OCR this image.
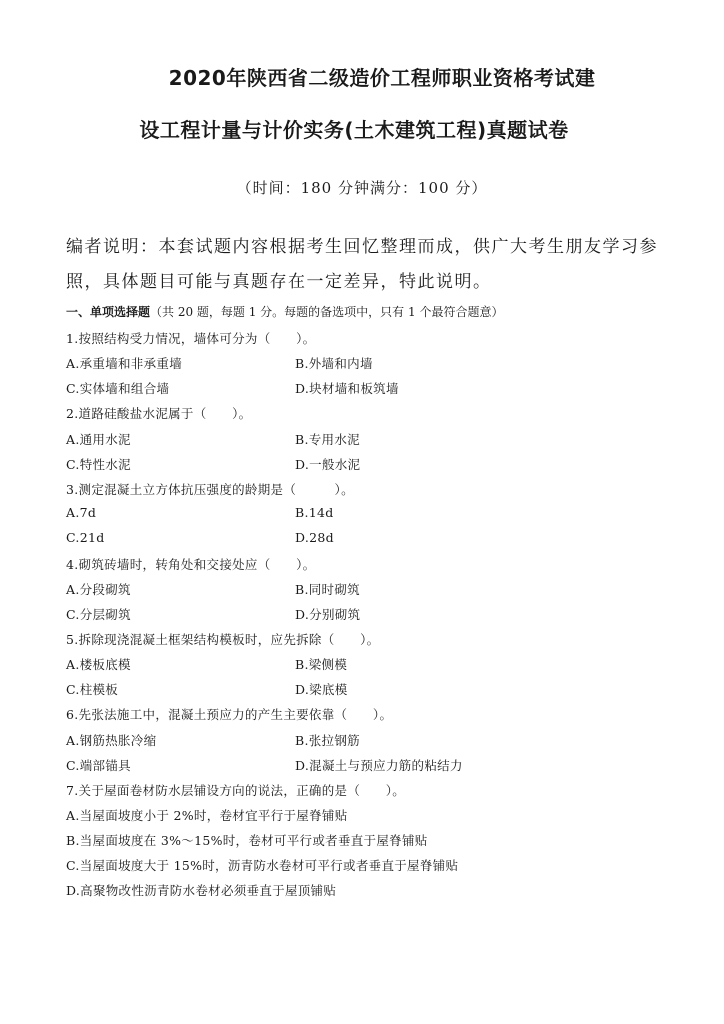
2020年陕西省二级造价工程师职业资格考试建
设工程计量与计价实务(土木建筑工程)真题试卷
（时间：180 分钟满分：100 分）
编者说明：本套试题内容根据考生回忆整理而成，供广大考生朋友学习参
照，具体题目可能与真题存在一定差异，特此说明。
一、单项选择题（共 20 题，每题 1 分。每题的备选项中，只有 1 个最符合题意）
1.按照结构受力情况，墙体可分为（　　）。
A.承重墙和非承重墙	B.外墙和内墙
C.实体墙和组合墙	D.块材墙和板筑墙
2.道路硅酸盐水泥属于（　　）。
A.通用水泥	B.专用水泥
C.特性水泥	D.一般水泥
3.测定混凝土立方体抗压强度的龄期是（　　　）。
A.7d	B.14d
C.21d	D.28d
4.砌筑砖墙时，转角处和交接处应（　　）。
A.分段砌筑	B.同时砌筑
C.分层砌筑	D.分别砌筑
5.拆除现浇混凝土框架结构模板时，应先拆除（　　）。
A.楼板底模	B.梁侧模
C.柱模板	D.梁底模
6.先张法施工中，混凝土预应力的产生主要依靠（　　）。
A.钢筋热胀冷缩	B.张拉钢筋
C.端部锚具	D.混凝土与预应力筋的粘结力
7.关于屋面卷材防水层铺设方向的说法，正确的是（　　）。
A.当屋面坡度小于 2%时，卷材宜平行于屋脊铺贴
B.当屋面坡度在 3%～15%时，卷材可平行或者垂直于屋脊铺贴
C.当屋面坡度大于 15%时，沥青防水卷材可平行或者垂直于屋脊铺贴
D.高聚物改性沥青防水卷材必须垂直于屋顶铺贴
